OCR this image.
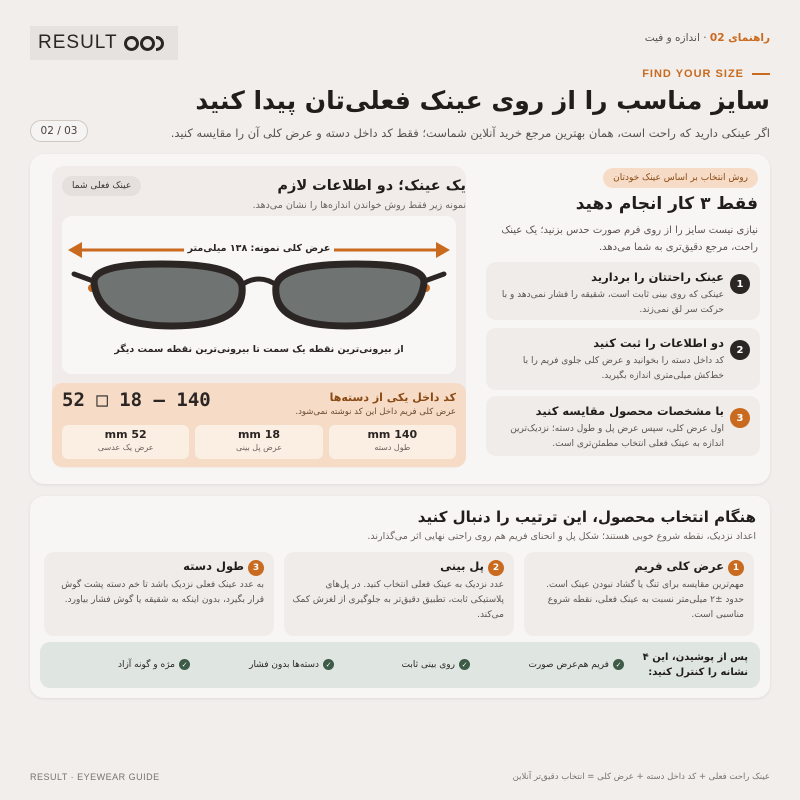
RESULT	راهنمای 02 · اندازه و فیت
FIND YOUR SIZE
سایز مناسب را از روی عینک فعلی‌تان پیدا کنید
اگر عینکی دارید که راحت است، همان بهترین مرجع خرید آنلاین شماست؛ فقط کد داخل دسته و عرض کلی آن را مقایسه کنید.
02 / 03
عینک فعلی شما	یک عینک؛ دو اطلاعات لازم
نمونه زیر فقط روش خواندن اندازه‌ها را نشان می‌دهد.
عرض کلی نمونه: ۱۳۸ میلی‌متر
از بیرونی‌ترین نقطه یک سمت تا بیرونی‌ترین نقطه سمت دیگر
کد داخل یکی از دسته‌ها
عرض کلی فریم داخل این کد نوشته نمی‌شود.
52 □ 18 — 140
140 mm
طول دسته
18 mm
عرض پل بینی
52 mm
عرض یک عدسی
روش انتخاب بر اساس عینک خودتان
فقط ۳ کار انجام دهید
نیازی نیست سایز را از روی فرم صورت حدس بزنید؛ یک عینک راحت، مرجع دقیق‌تری به شما می‌دهد.
1
عینک راحتتان را بردارید
عینکی که روی بینی ثابت است، شقیقه را فشار نمی‌دهد و با حرکت سر لق نمی‌زند.
2
دو اطلاعات را ثبت کنید
کد داخل دسته را بخوانید و عرض کلی جلوی فریم را با خط‌کش میلی‌متری اندازه بگیرید.
3
با مشخصات محصول مقایسه کنید
اول عرض کلی، سپس عرض پل و طول دسته؛ نزدیک‌ترین اندازه به عینک فعلی انتخاب مطمئن‌تری است.
هنگام انتخاب محصول، این ترتیب را دنبال کنید
اعداد نزدیک، نقطه شروع خوبی هستند؛ شکل پل و انحنای فریم هم روی راحتی نهایی اثر می‌گذارند.
1
عرض کلی فریم
مهم‌ترین مقایسه برای تنگ یا گشاد نبودن عینک است. حدود ±۲ میلی‌متر نسبت به عینک فعلی، نقطه شروع مناسبی است.
2
پل بینی
عدد نزدیک به عینک فعلی انتخاب کنید. در پل‌های پلاستیکی ثابت، تطبیق دقیق‌تر به جلوگیری از لغزش کمک می‌کند.
3
طول دسته
به عدد عینک فعلی نزدیک باشد تا خم دسته پشت گوش قرار بگیرد، بدون اینکه به شقیقه یا گوش فشار بیاورد.
پس از پوشیدن، این ۴ نشانه را کنترل کنید:
✓
فریم هم‌عرض صورت
✓
روی بینی ثابت
✓
دسته‌ها بدون فشار
✓
مژه و گونه آزاد
RESULT · EYEWEAR GUIDE	عینک راحت فعلی + کد داخل دسته + عرض کلی = انتخاب دقیق‌تر آنلاین
